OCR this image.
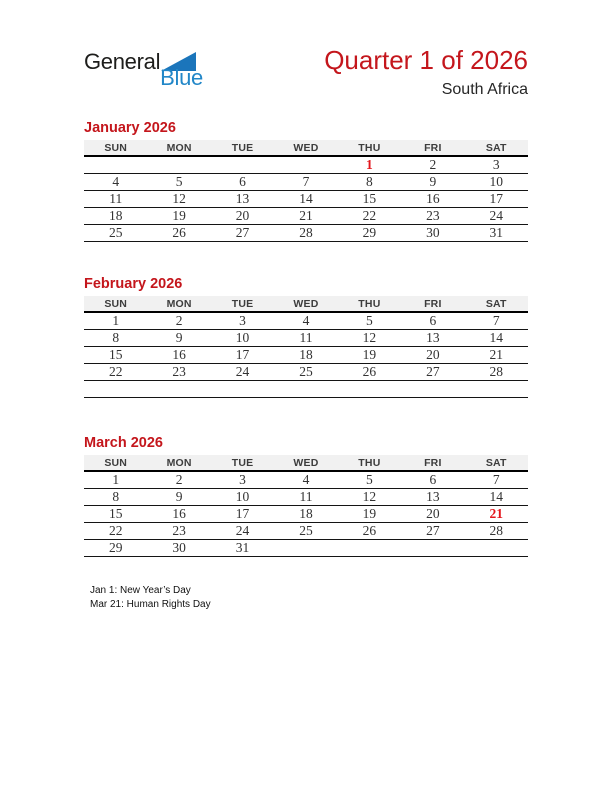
General
Blue
Quarter 1 of 2026
South Africa
January 2026
SUN	MON	TUE	WED	THU	FRI	SAT
				1	2	3
4	5	6	7	8	9	10
11	12	13	14	15	16	17
18	19	20	21	22	23	24
25	26	27	28	29	30	31
February 2026
SUN	MON	TUE	WED	THU	FRI	SAT
1	2	3	4	5	6	7
8	9	10	11	12	13	14
15	16	17	18	19	20	21
22	23	24	25	26	27	28

March 2026
SUN	MON	TUE	WED	THU	FRI	SAT
1	2	3	4	5	6	7
8	9	10	11	12	13	14
15	16	17	18	19	20	21
22	23	24	25	26	27	28
29	30	31				

Jan 1: New Year’s Day

Mar 21: Human Rights Day
